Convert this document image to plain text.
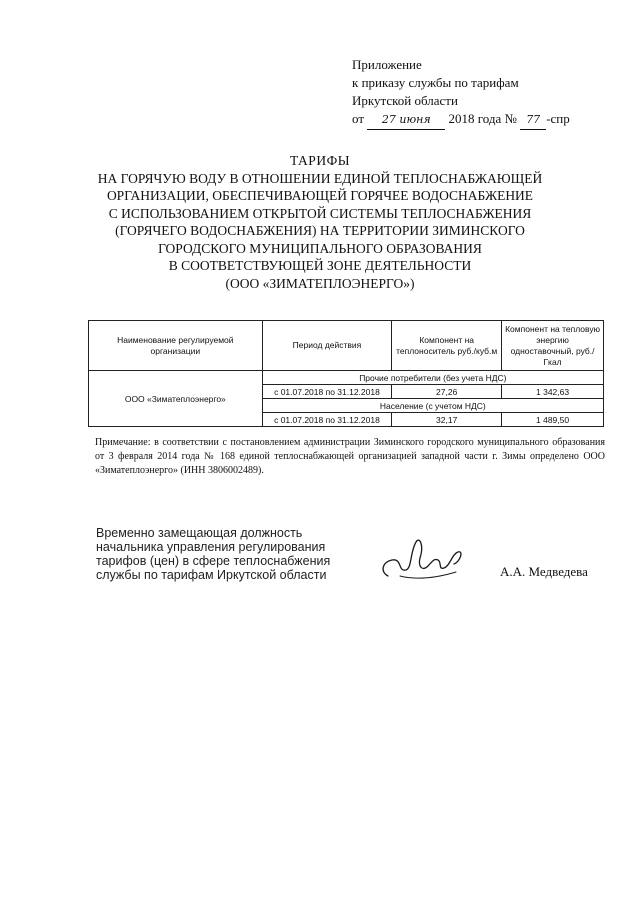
Приложение
к приказу службы по тарифам
Иркутской области
от 27 июня 2018 года № 77 -спр
ТАРИФЫ
НА ГОРЯЧУЮ ВОДУ В ОТНОШЕНИИ ЕДИНОЙ ТЕПЛОСНАБЖАЮЩЕЙ
ОРГАНИЗАЦИИ, ОБЕСПЕЧИВАЮЩЕЙ ГОРЯЧЕЕ ВОДОСНАБЖЕНИЕ
С ИСПОЛЬЗОВАНИЕМ ОТКРЫТОЙ СИСТЕМЫ ТЕПЛОСНАБЖЕНИЯ
(ГОРЯЧЕГО ВОДОСНАБЖЕНИЯ) НА ТЕРРИТОРИИ ЗИМИНСКОГО
ГОРОДСКОГО МУНИЦИПАЛЬНОГО ОБРАЗОВАНИЯ
В СООТВЕТСТВУЮЩЕЙ ЗОНЕ ДЕЯТЕЛЬНОСТИ
(ООО «ЗИМАТЕПЛОЭНЕРГО»)
Наименование регулируемой организации	Период действия	Компонент на теплоноситель руб./куб.м	Компонент на тепловую энергию одноставочный, руб./Гкал
ООО «Зиматеплоэнерго»	Прочие потребители (без учета НДС)		
	с 01.07.2018 по 31.12.2018	27,26	1 342,63
	Население (с учетом НДС)		
	с 01.07.2018 по 31.12.2018	32,17	1 489,50
Примечание: в соответствии с постановлением администрации Зиминского городского муниципального образования от 3 февраля 2014 года № 168 единой теплоснабжающей организацией западной части г. Зимы определено ООО «Зиматеплоэнерго» (ИНН 3806002489).
Временно замещающая должность
начальника управления регулирования
тарифов (цен) в сфере теплоснабжения
службы по тарифам Иркутской области	А.А. Медведева
